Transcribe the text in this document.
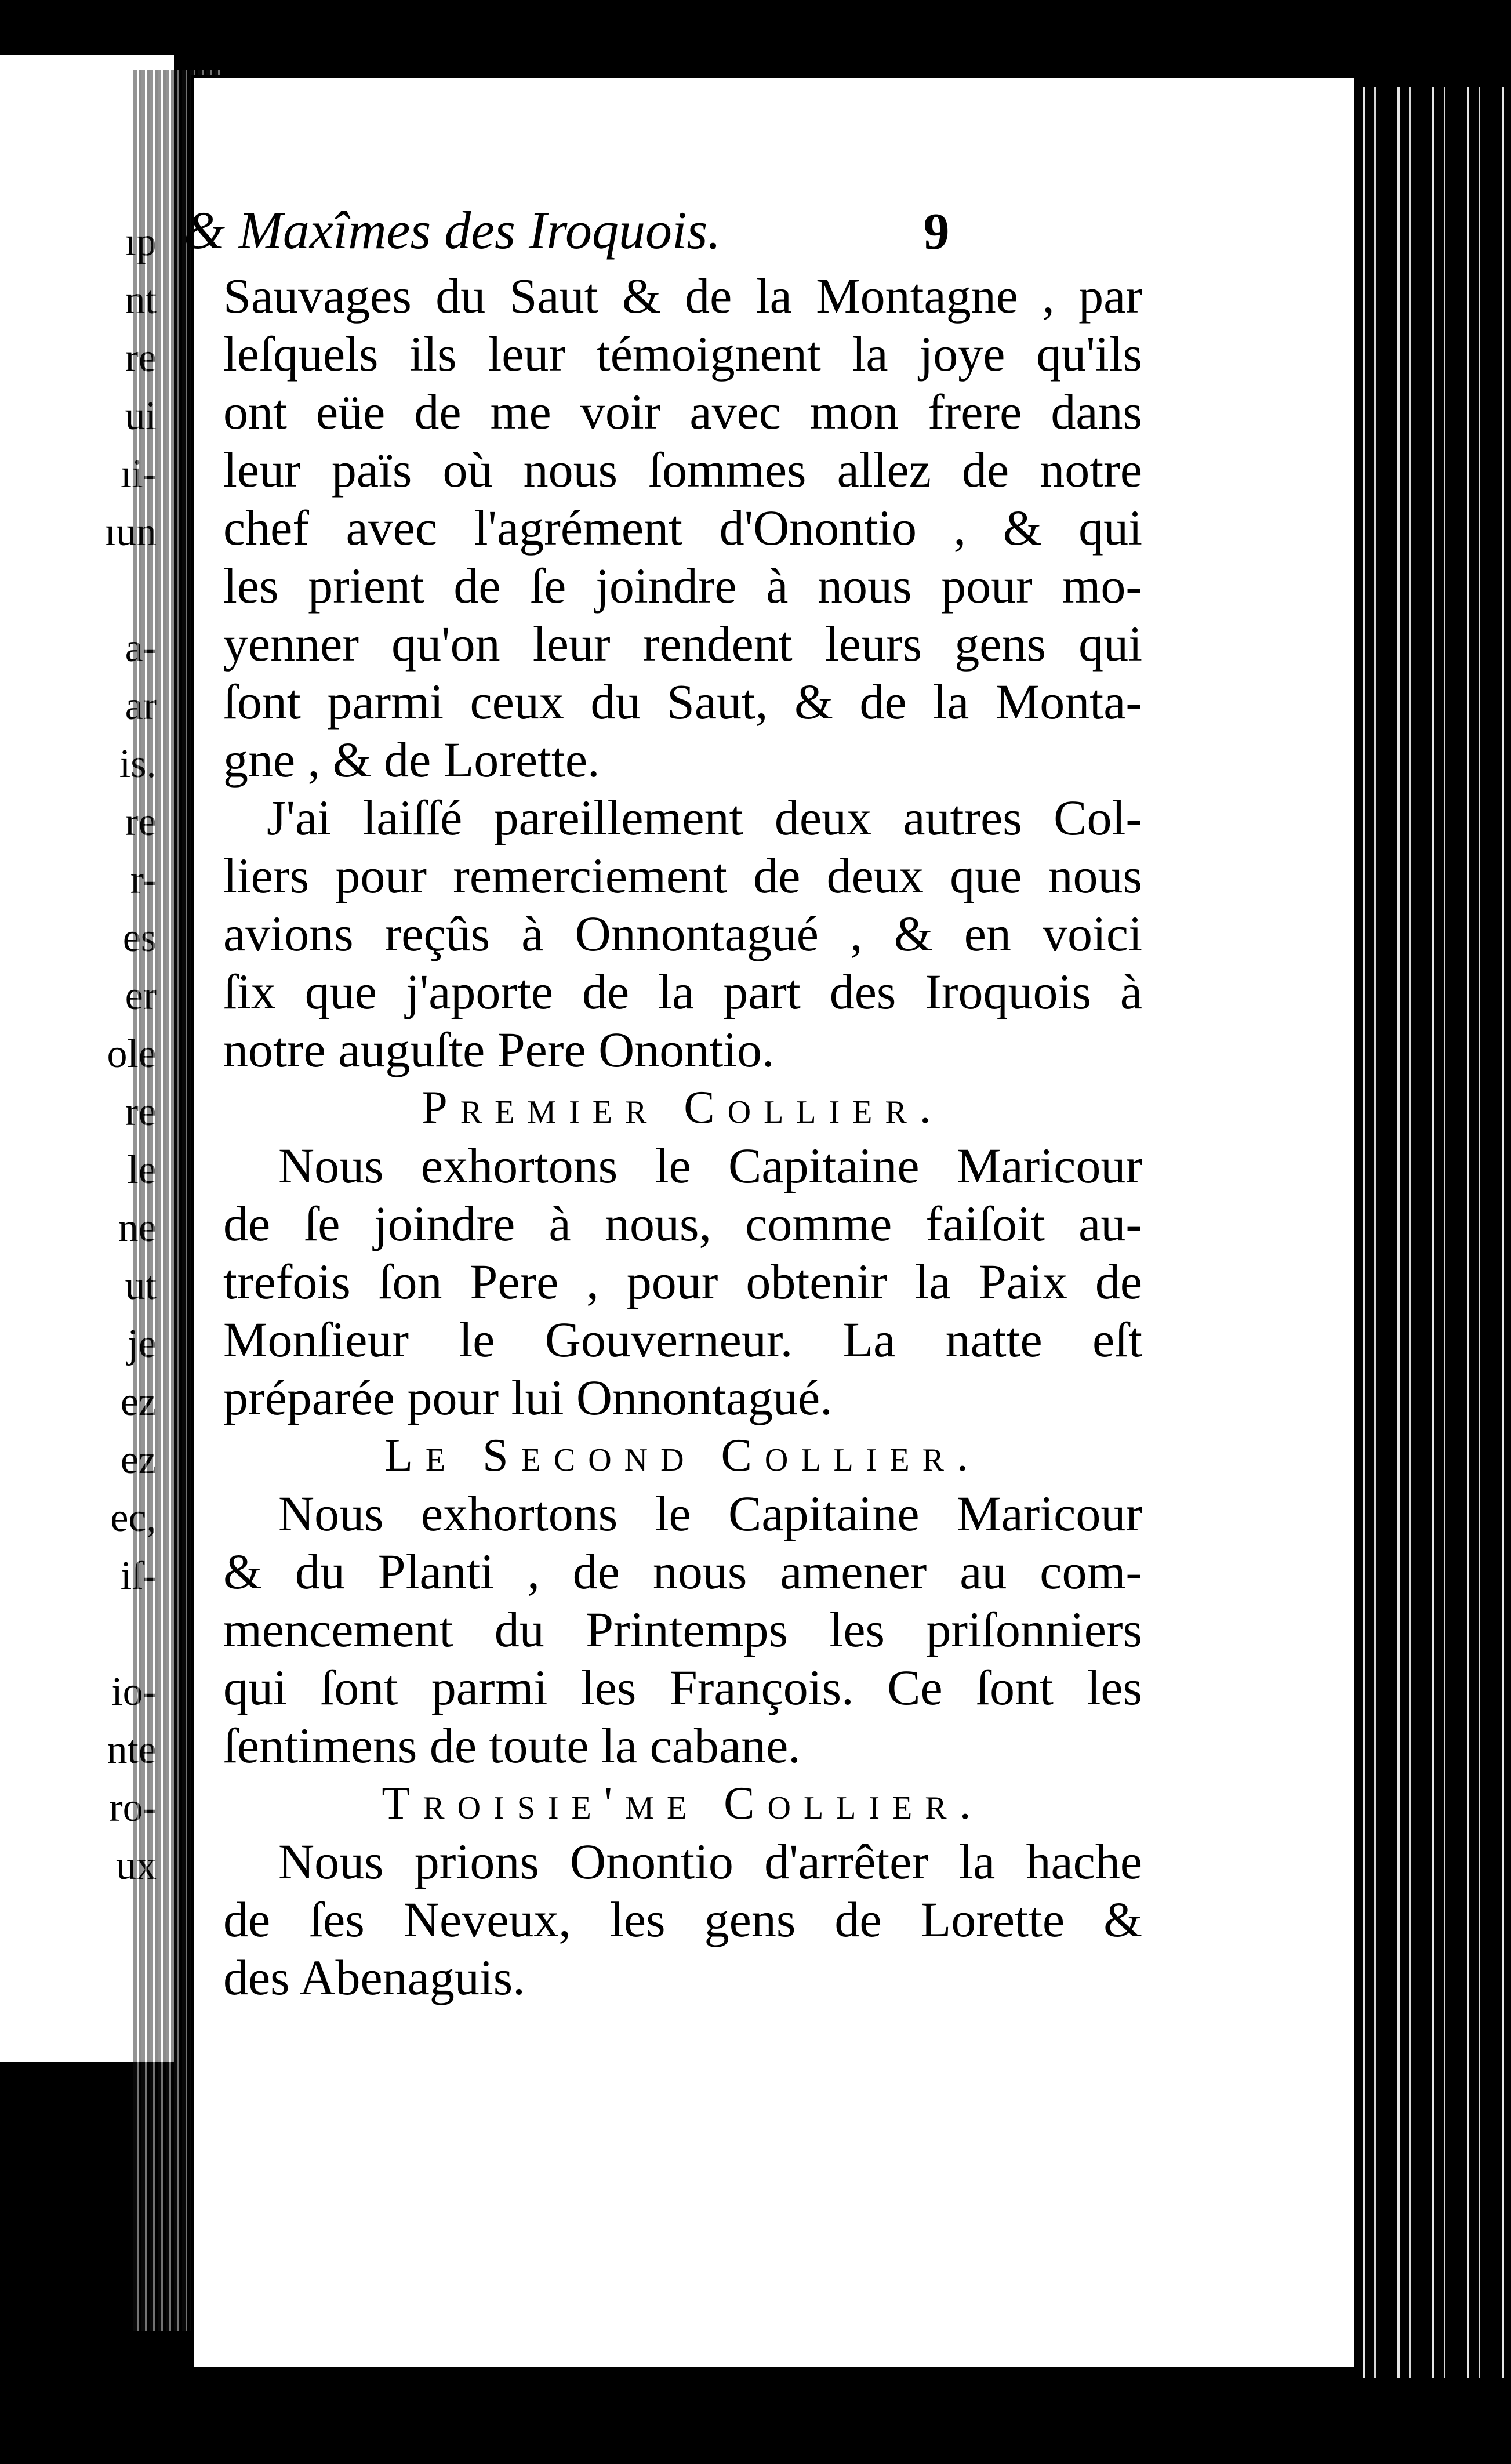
ıp
nt
re
ui
ıi-
ıun
a-
ar
is.
re
r-
es
er
ole
re
le
ne
ut
je
ez
ez
ec,
iſ-
io-
nte
ro-
ux
& Maxîmes des Iroquois.	9
Sauvages du Saut & de la Montagne , par
leſquels ils leur témoignent la joye qu'ils
ont eüe de me voir avec mon frere dans
leur païs où nous ſommes allez de notre
chef avec l'agrément d'Onontio , & qui
les prient de ſe joindre à nous pour mo-
yenner qu'on leur rendent leurs gens qui
ſont parmi ceux du Saut, & de la Monta-
gne , & de Lorette.
J'ai laiſſé pareillement deux autres Col-
liers pour remerciement de deux que nous
avions reçûs à Onnontagué , & en voici
ſix que j'aporte de la part des Iroquois à
notre auguſte Pere Onontio.
Premier Collier.
Nous exhortons le Capitaine Maricour
de ſe joindre à nous, comme faiſoit au-
trefois ſon Pere , pour obtenir la Paix de
Monſieur le Gouverneur. La natte eſt
préparée pour lui Onnontagué.
Le Second Collier.
Nous exhortons le Capitaine Maricour
& du Planti , de nous amener au com-
mencement du Printemps les priſonniers
qui ſont parmi les François. Ce ſont les
ſentimens de toute la cabane.
Troisie'me Collier.
Nous prions Onontio d'arrêter la hache
de ſes Neveux, les gens de Lorette &
des Abenaguis.
